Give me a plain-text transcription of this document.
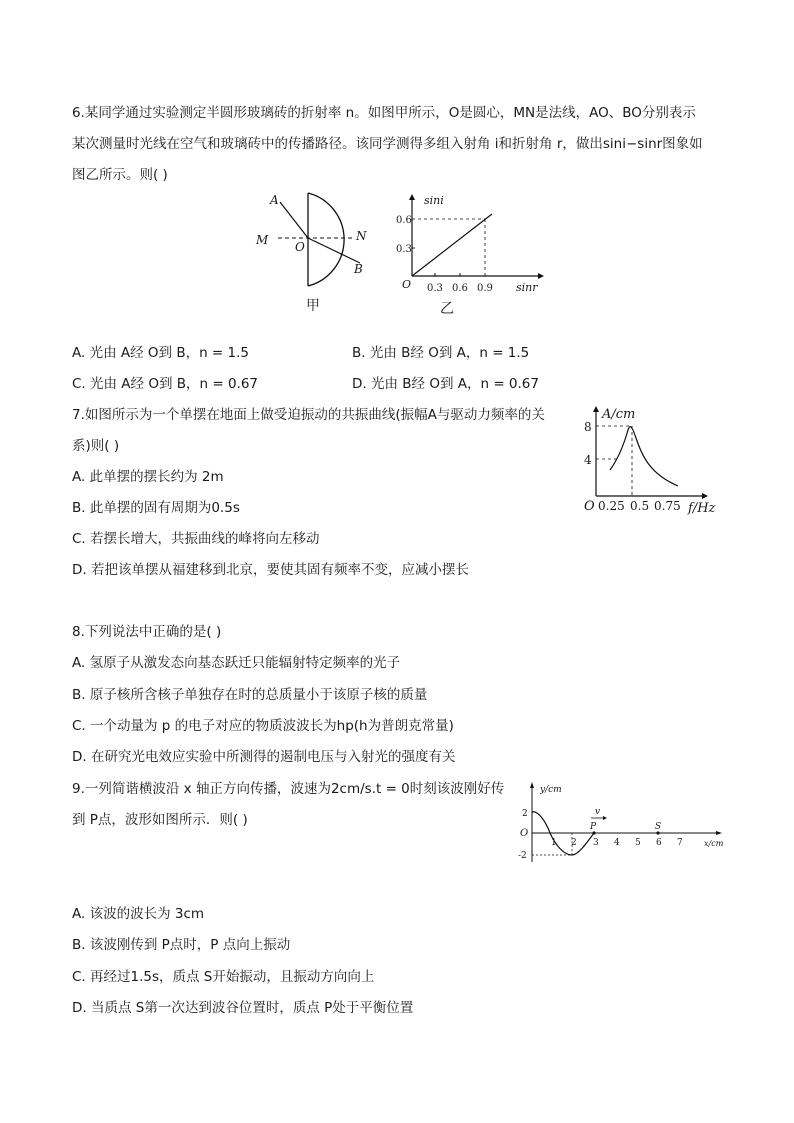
6.某同学通过实验测定半圆形玻璃砖的折射率 n。如图甲所示，O是圆心，MN是法线，AO、BO分别表示
某次测量时光线在空气和玻璃砖中的传播路径。该同学测得多组入射角 i和折射角 r，做出sini−sinr图象如
图乙所示。则( )
A
M O
N
B
甲
sini
0.6
0.3
O 0.3 0.6 0.9 sinr
乙
A. 光由 A经 O到 B，n = 1.5	B. 光由 B经 O到 A，n = 1.5
C. 光由 A经 O到 B，n = 0.67	D. 光由 B经 O到 A，n = 0.67
7.如图所示为一个单摆在地面上做受迫振动的共振曲线(振幅A与驱动力频率的关
系)则( )
A/cm
8
4
O 0.25 0.5 0.75 f/Hz
A. 此单摆的摆长约为 2m
B. 此单摆的固有周期为0.5s
C. 若摆长增大，共振曲线的峰将向左移动
D. 若把该单摆从福建移到北京，要使其固有频率不变，应减小摆长
8.下列说法中正确的是( )
A. 氢原子从激发态向基态跃迁只能辐射特定频率的光子
B. 原子核所含核子单独存在时的总质量小于该原子核的质量
C. 一个动量为 p 的电子对应的物质波波长为hp(h为普朗克常量)
D. 在研究光电效应实验中所测得的遏制电压与入射光的强度有关
9.一列简谐横波沿 x 轴正方向传播，波速为2cm/s.t = 0时刻该波刚好传
到 P点，波形如图所示．则( )
y/cm
2
-2
O
1 2 3 4 5 6 7	x/cm
v
P	S
A. 该波的波长为 3cm
B. 该波刚传到 P点时，P 点向上振动
C. 再经过1.5s，质点 S开始振动，且振动方向向上
D. 当质点 S第一次达到波谷位置时，质点 P处于平衡位置
